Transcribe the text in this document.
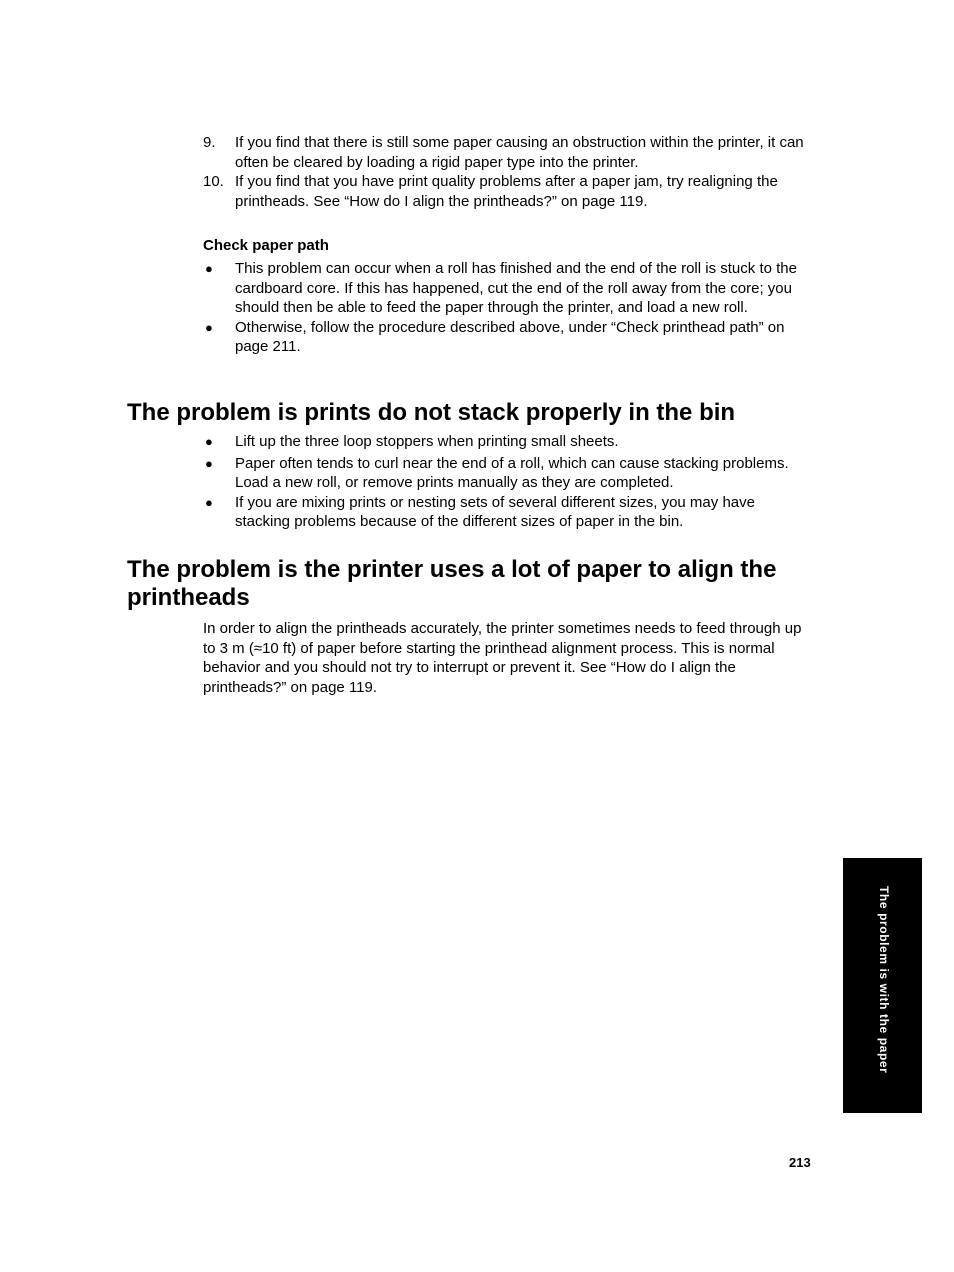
9.	If you find that there is still some paper causing an obstruction within the printer, it can often be cleared by loading a rigid paper type into the printer.
10. If you find that you have print quality problems after a paper jam, try realigning the printheads. See “How do I align the printheads?” on page 119.
Check paper path
●	This problem can occur when a roll has finished and the end of the roll is stuck to the cardboard core. If this has happened, cut the end of the roll away from the core; you should then be able to feed the paper through the printer, and load a new roll.
●	Otherwise, follow the procedure described above, under “Check printhead path” on page 211.
The problem is prints do not stack properly in the bin
●	Lift up the three loop stoppers when printing small sheets.
●	Paper often tends to curl near the end of a roll, which can cause stacking problems. Load a new roll, or remove prints manually as they are completed.
●	If you are mixing prints or nesting sets of several different sizes, you may have stacking problems because of the different sizes of paper in the bin.
The problem is the printer uses a lot of paper to align the printheads

In order to align the printheads accurately, the printer sometimes needs to feed through up to 3 m (≈10 ft) of paper before starting the printhead alignment process. This is normal behavior and you should not try to interrupt or prevent it. See “How do I align the printheads?” on page 119.

The problem is with the paper
213
